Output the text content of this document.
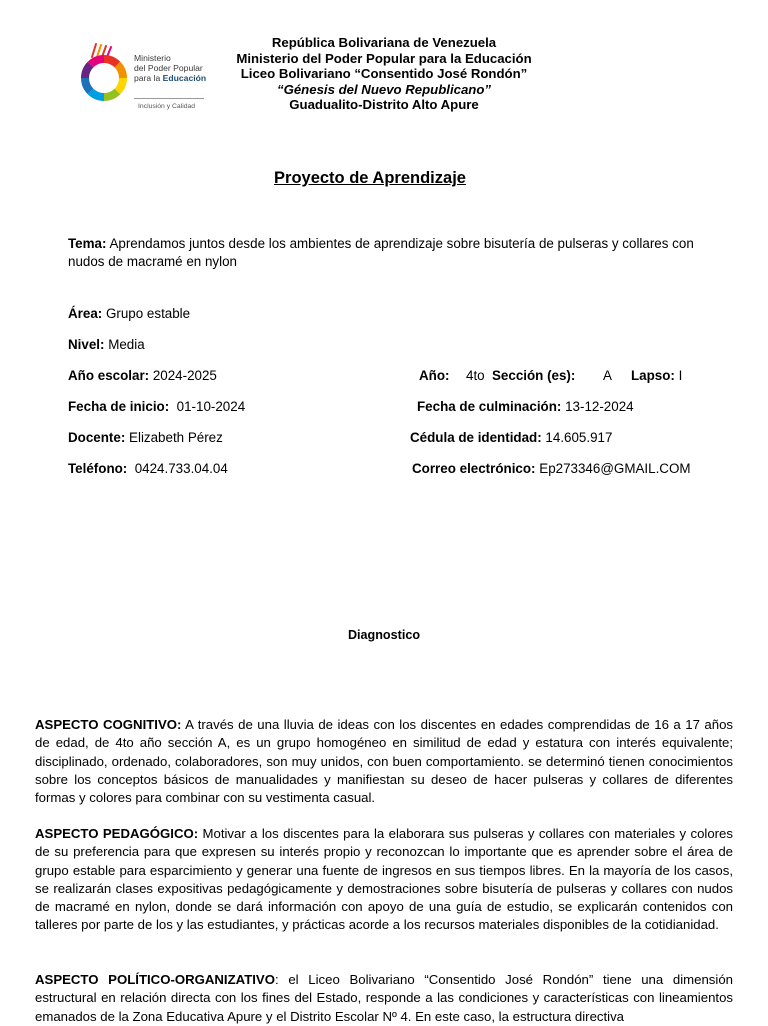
Ministerio
del Poder Popular
para la Educación
Inclusión y Calidad
República Bolivariana de Venezuela
Ministerio del Poder Popular para la Educación
Liceo Bolivariano “Consentido José Rondón”
“Génesis del Nuevo Republicano”
Guadualito-Distrito Alto Apure
Proyecto de Aprendizaje
Tema: Aprendamos juntos desde los ambientes de aprendizaje sobre bisutería de pulseras y collares con nudos de macramé en nylon
Área: Grupo estable
Nivel: Media
Año escolar: 2024-2025	Año: 4to Sección (es): A Lapso: I
Fecha de inicio: 01-10-2024	Fecha de culminación: 13-12-2024
Docente: Elizabeth Pérez	Cédula de identidad: 14.605.917
Teléfono: 0424.733.04.04	Correo electrónico: Ep273346@GMAIL.COM
Diagnostico
ASPECTO COGNITIVO: A través de una lluvia de ideas con los discentes en edades comprendidas de 16 a 17 años de edad, de 4to año sección A, es un grupo homogéneo en similitud de edad y estatura con interés equivalente; disciplinado, ordenado, colaboradores, son muy unidos, con buen comportamiento. se determinó tienen conocimientos sobre los conceptos básicos de manualidades y manifiestan su deseo de hacer pulseras y collares de diferentes formas y colores para combinar con su vestimenta casual.
ASPECTO PEDAGÓGICO: Motivar a los discentes para la elaborara sus pulseras y collares con materiales y colores de su preferencia para que expresen su interés propio y reconozcan lo importante que es aprender sobre el área de grupo estable para esparcimiento y generar una fuente de ingresos en sus tiempos libres. En la mayoría de los casos, se realizarán clases expositivas pedagógicamente y demostraciones sobre bisutería de pulseras y collares con nudos de macramé en nylon, donde se dará información con apoyo de una guía de estudio, se explicarán contenidos con talleres por parte de los y las estudiantes, y prácticas acorde a los recursos materiales disponibles de la cotidianidad.
ASPECTO POLÍTICO-ORGANIZATIVO: el Liceo Bolivariano “Consentido José Rondón” tiene una dimensión estructural en relación directa con los fines del Estado, responde a las condiciones y características con lineamientos emanados de la Zona Educativa Apure y el Distrito Escolar Nº 4. En este caso, la estructura directiva
